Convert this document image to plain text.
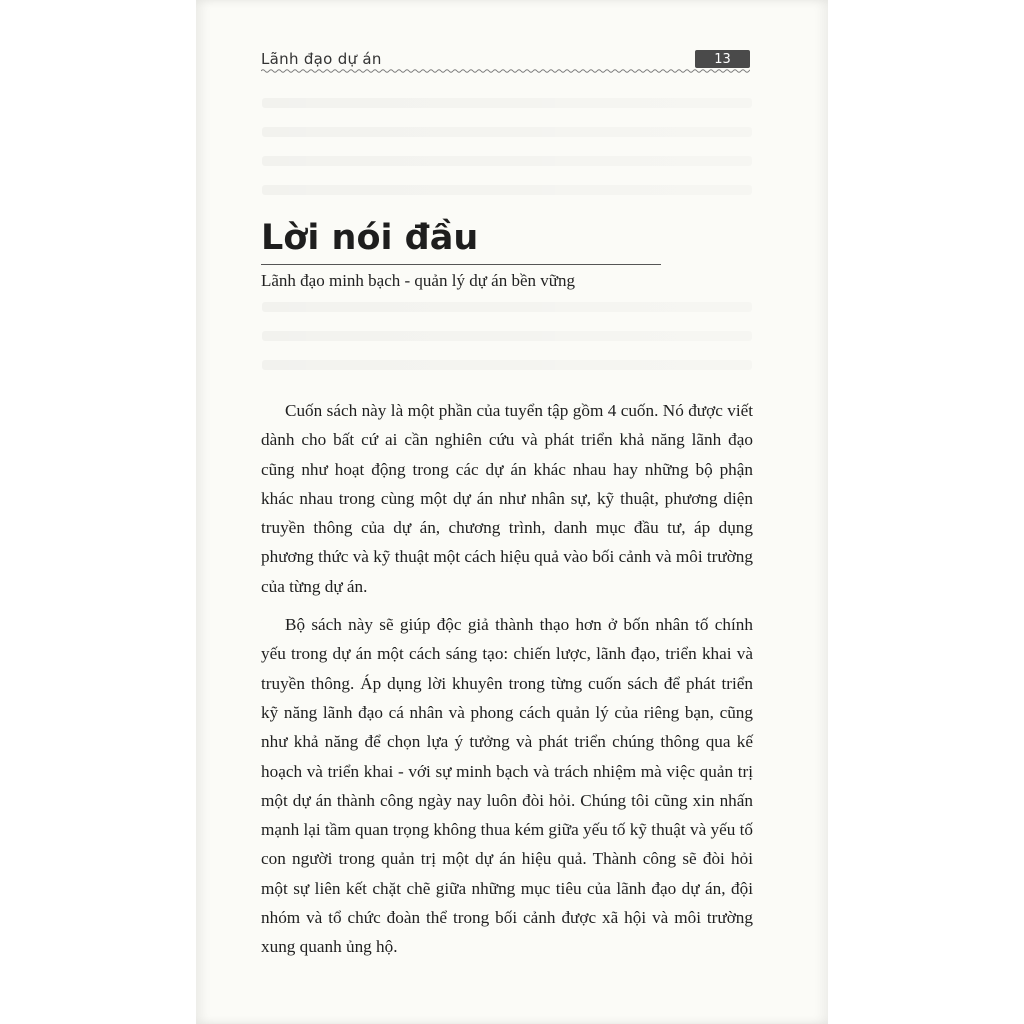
Lãnh đạo dự án	13
Lời nói đầu
Lãnh đạo minh bạch - quản lý dự án bền vững

Cuốn sách này là một phần của tuyển tập gồm 4 cuốn. Nó được viết dành cho bất cứ ai cần nghiên cứu và phát triển khả năng lãnh đạo cũng như hoạt động trong các dự án khác nhau hay những bộ phận khác nhau trong cùng một dự án như nhân sự, kỹ thuật, phương diện truyền thông của dự án, chương trình, danh mục đầu tư, áp dụng phương thức và kỹ thuật một cách hiệu quả vào bối cảnh và môi trường của từng dự án.

Bộ sách này sẽ giúp độc giả thành thạo hơn ở bốn nhân tố chính yếu trong dự án một cách sáng tạo: chiến lược, lãnh đạo, triển khai và truyền thông. Áp dụng lời khuyên trong từng cuốn sách để phát triển kỹ năng lãnh đạo cá nhân và phong cách quản lý của riêng bạn, cũng như khả năng để chọn lựa ý tưởng và phát triển chúng thông qua kế hoạch và triển khai - với sự minh bạch và trách nhiệm mà việc quản trị một dự án thành công ngày nay luôn đòi hỏi. Chúng tôi cũng xin nhấn mạnh lại tầm quan trọng không thua kém giữa yếu tố kỹ thuật và yếu tố con người trong quản trị một dự án hiệu quả. Thành công sẽ đòi hỏi một sự liên kết chặt chẽ giữa những mục tiêu của lãnh đạo dự án, đội nhóm và tổ chức đoàn thể trong bối cảnh được xã hội và môi trường xung quanh ủng hộ.
